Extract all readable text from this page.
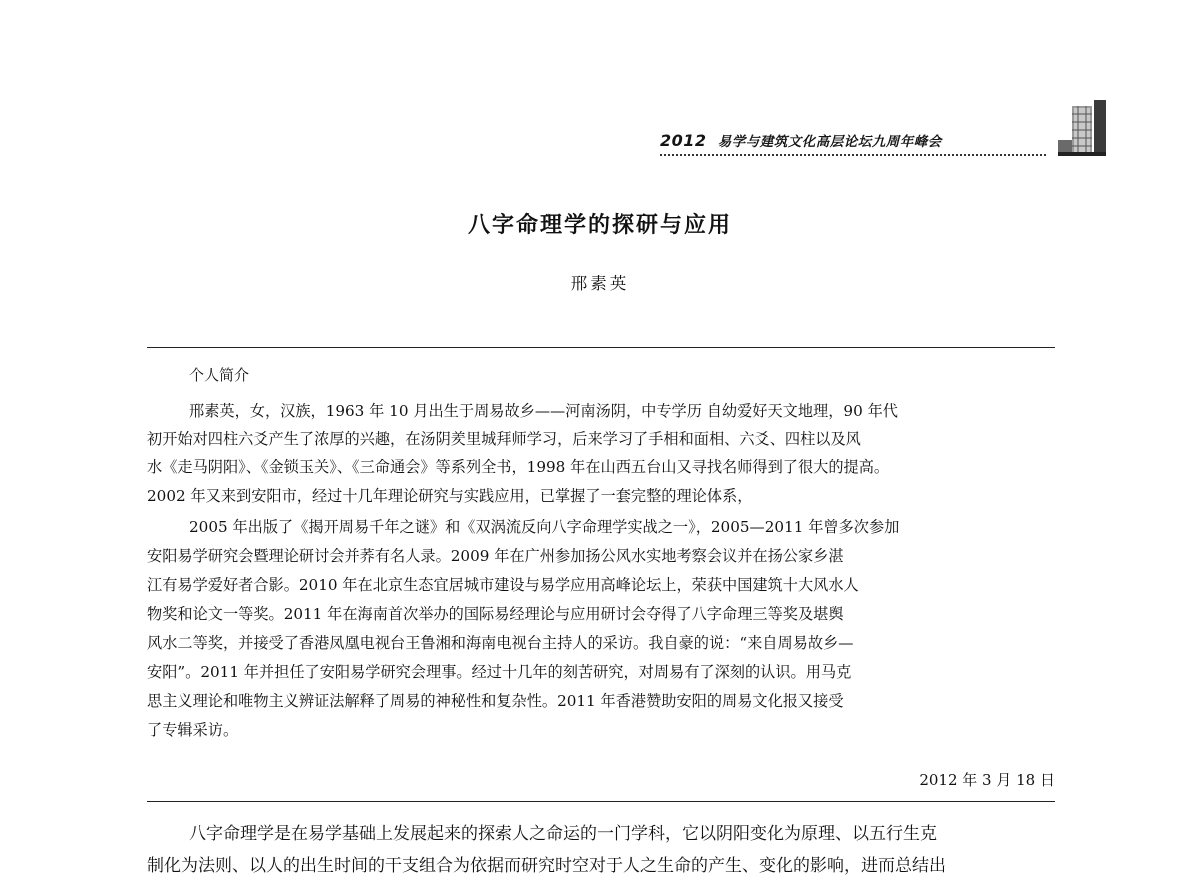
2012 易学与建筑文化高层论坛九周年峰会
八字命理学的探研与应用
邢素英
个人简介
邢素英，女，汉族，1963 年 10 月出生于周易故乡——河南汤阴，中专学历 自幼爱好天文地理，90 年代
初开始对四柱六爻产生了浓厚的兴趣，在汤阴羑里城拜师学习，后来学习了手相和面相、六爻、四柱以及风
水《走马阴阳》、《金锁玉关》、《三命通会》等系列全书，1998 年在山西五台山又寻找名师得到了很大的提高。
2002 年又来到安阳市，经过十几年理论研究与实践应用，已掌握了一套完整的理论体系，
2005 年出版了《揭开周易千年之谜》和《双涡流反向八字命理学实战之一》，2005—2011 年曾多次参加
安阳易学研究会暨理论研讨会并荞有名人录。2009 年在广州参加扬公风水实地考察会议并在扬公家乡湛
江有易学爱好者合影。2010 年在北京生态宜居城市建设与易学应用高峰论坛上，荣获中国建筑十大风水人
物奖和论文一等奖。2011 年在海南首次举办的国际易经理论与应用研讨会夺得了八字命理三等奖及堪舆
风水二等奖，并接受了香港凤凰电视台王鲁湘和海南电视台主持人的采访。我自豪的说：“来自周易故乡—
安阳”。2011 年并担任了安阳易学研究会理事。经过十几年的刻苦研究，对周易有了深刻的认识。用马克
思主义理论和唯物主义辨证法解释了周易的神秘性和复杂性。2011 年香港赞助安阳的周易文化报又接受
了专辑采访。
2012 年 3 月 18 日
八字命理学是在易学基础上发展起来的探索人之命运的一门学科，它以阴阳变化为原理、以五行生克
制化为法则、以人的出生时间的干支组合为依据而研究时空对于人之生命的产生、变化的影响，进而总结出
